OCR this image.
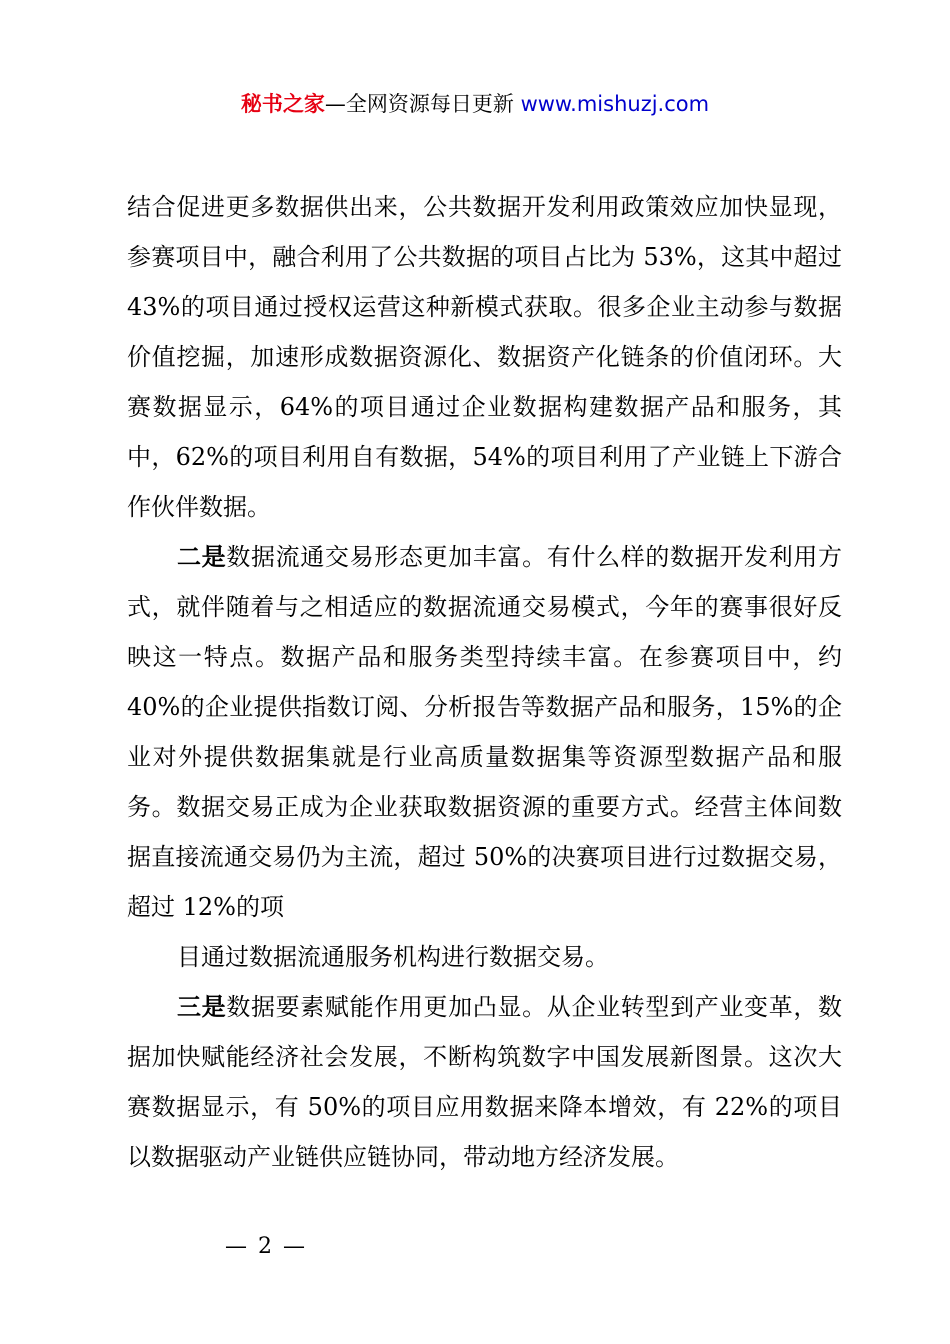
秘书之家—全网资源每日更新 www.mishuzj.com

结合促进更多数据供出来，公共数据开发利用政策效应加快显现，参赛项目中，融合利用了公共数据的项目占比为 53%，这其中超过 43%的项目通过授权运营这种新模式获取。很多企业主动参与数据价值挖掘，加速形成数据资源化、数据资产化链条的价值闭环。大赛数据显示，64%的项目通过企业数据构建数据产品和服务，其中，62%的项目利用自有数据，54%的项目利用了产业链上下游合作伙伴数据。

二是数据流通交易形态更加丰富。有什么样的数据开发利用方式，就伴随着与之相适应的数据流通交易模式，今年的赛事很好反映这一特点。数据产品和服务类型持续丰富。在参赛项目中，约 40%的企业提供指数订阅、分析报告等数据产品和服务，15%的企业对外提供数据集就是行业高质量数据集等资源型数据产品和服务。数据交易正成为企业获取数据资源的重要方式。经营主体间数据直接流通交易仍为主流，超过 50%的决赛项目进行过数据交易，超过 12%的项

目通过数据流通服务机构进行数据交易。

三是数据要素赋能作用更加凸显。从企业转型到产业变革，数据加快赋能经济社会发展，不断构筑数字中国发展新图景。这次大赛数据显示，有 50%的项目应用数据来降本增效，有 22%的项目以数据驱动产业链供应链协同，带动地方经济发展。

— 2 —
